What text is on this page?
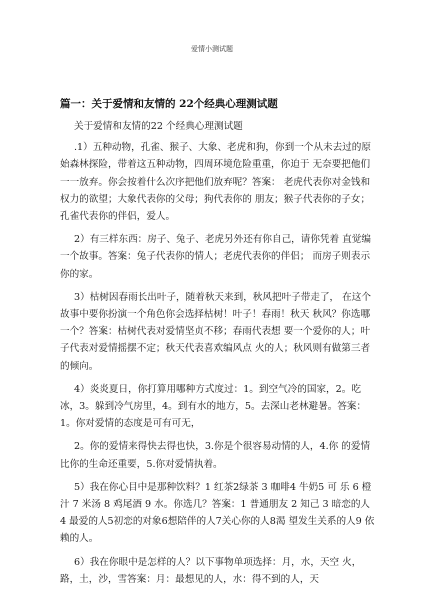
爱情小测试题
篇一：关于爱情和友情的 22个经典心理测试题

关于爱情和友情的22 个经典心理测试题

.1）五种动物，孔雀、猴子、大象、老虎和狗，你到一个从未去过的原始森林探险，带着这五种动物，四周环境危险重重，你迫于 无奈要把他们一一放弃。你会按着什么次序把他们放弃呢？答案： 老虎代表你对金钱和权力的欲望；大象代表你的父母；狗代表你的 朋友；猴子代表你的子女；孔雀代表你的伴侣，爱人。

2）有三样东西：房子、兔子、老虎另外还有你自己，请你凭着 直觉编一个故事。答案：兔子代表你的情人；老虎代表你的伴侣； 而房子则表示你的家。

3）枯树因春雨长出叶子，随着秋天来到，秋风把叶子带走了， 在这个故事中要你扮演一个角色你会选择枯树！叶子！春雨！秋天 秋风？你选哪一个？答案：枯树代表对爱情坚贞不移；春雨代表想 要一个爱你的人；叶子代表对爱情摇摆不定；秋天代表喜欢编风点 火的人；秋风则有做第三者的倾向。

4）炎炎夏日，你打算用哪种方式度过：1。到空气冷的国家，2。吃冰，3。躲到冷气房里，4。到有水的地方，5。去深山老林避暑。答案：1。你对爱情的态度是可有可无，

2。你的爱情来得快去得也快，3.你是个很容易动情的人，4.你 的爱情比你的生命还重要，5.你对爱情执着。

5）我在你心目中是那种饮料？1 红茶2绿茶 3 咖啡4 牛奶5 可 乐 6 橙汁 7 米汤 8 鸡尾酒 9 水。你选几？答案：1 普通朋友 2 知己 3 暗恋的人 4 最爱的人5初恋的对象6想陪伴的人7关心你的人8渴 望发生关系的人9 依赖的人。

6）我在你眼中是怎样的人？以下事物单项选择：月，水，天空 火，路，土，沙，雪答案：月：最想见的人，水：得不到的人，天
